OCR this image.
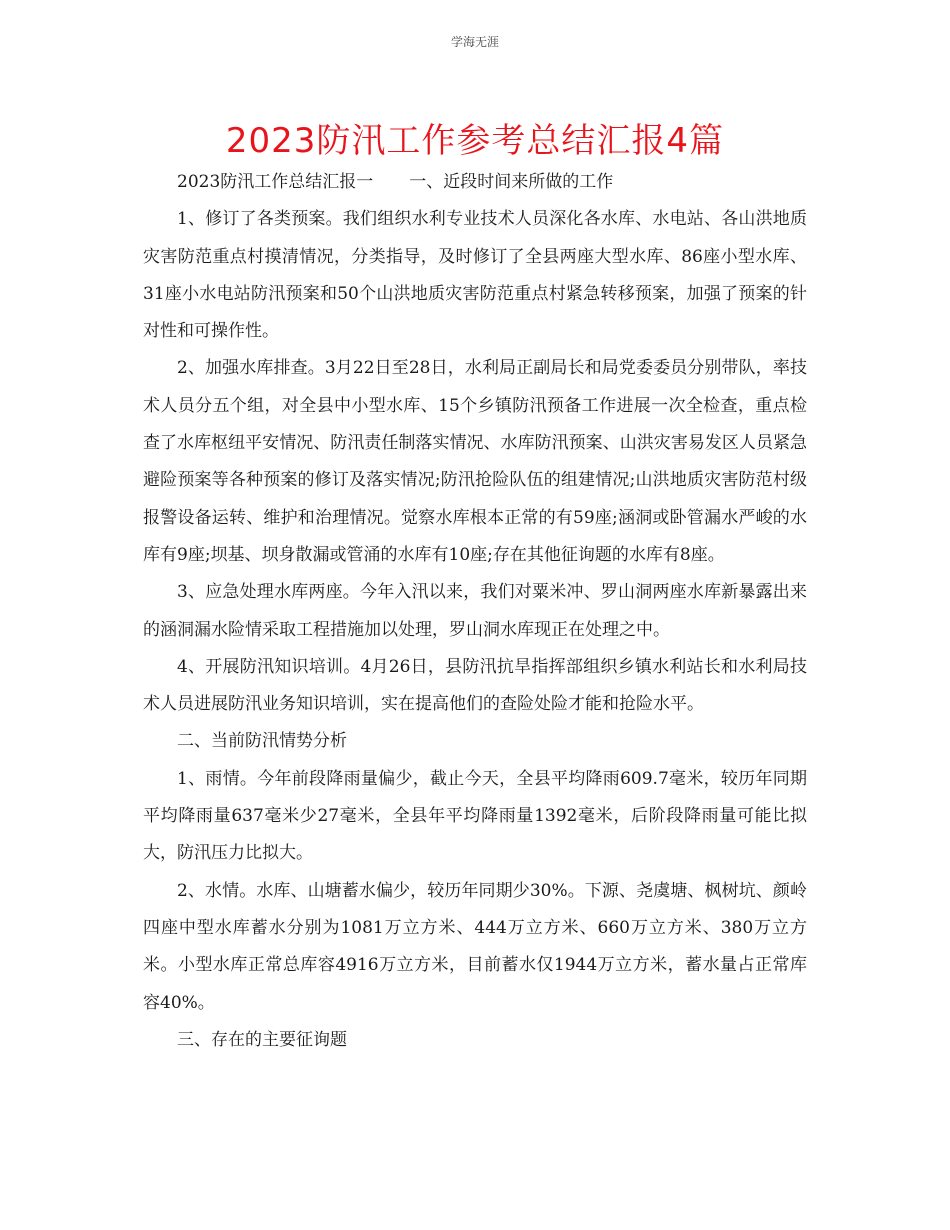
学海无涯
2023防汛工作参考总结汇报4篇
2023防汛工作总结汇报一 一、近段时间来所做的工作

1、修订了各类预案。我们组织水利专业技术人员深化各水库、水电站、各山洪地质灾害防范重点村摸清情况，分类指导，及时修订了全县两座大型水库、86座小型水库、31座小水电站防汛预案和50个山洪地质灾害防范重点村紧急转移预案，加强了预案的针对性和可操作性。

2、加强水库排查。3月22日至28日，水利局正副局长和局党委委员分别带队，率技术人员分五个组，对全县中小型水库、15个乡镇防汛预备工作进展一次全检查，重点检查了水库枢纽平安情况、防汛责任制落实情况、水库防汛预案、山洪灾害易发区人员紧急避险预案等各种预案的修订及落实情况;防汛抢险队伍的组建情况;山洪地质灾害防范村级报警设备运转、维护和治理情况。觉察水库根本正常的有59座;涵洞或卧管漏水严峻的水库有9座;坝基、坝身散漏或管涌的水库有10座;存在其他征询题的水库有8座。

3、应急处理水库两座。今年入汛以来，我们对粟米冲、罗山洞两座水库新暴露出来的涵洞漏水险情采取工程措施加以处理，罗山洞水库现正在处理之中。

4、开展防汛知识培训。4月26日，县防汛抗旱指挥部组织乡镇水利站长和水利局技术人员进展防汛业务知识培训，实在提高他们的查险处险才能和抢险水平。

二、当前防汛情势分析

1、雨情。今年前段降雨量偏少，截止今天，全县平均降雨609.7毫米，较历年同期平均降雨量637毫米少27毫米，全县年平均降雨量1392毫米，后阶段降雨量可能比拟大，防汛压力比拟大。

2、水情。水库、山塘蓄水偏少，较历年同期少30%。下源、尧虞塘、枫树坑、颜岭四座中型水库蓄水分别为1081万立方米、444万立方米、660万立方米、380万立方米。小型水库正常总库容4916万立方米，目前蓄水仅1944万立方米，蓄水量占正常库容40%。

三、存在的主要征询题
